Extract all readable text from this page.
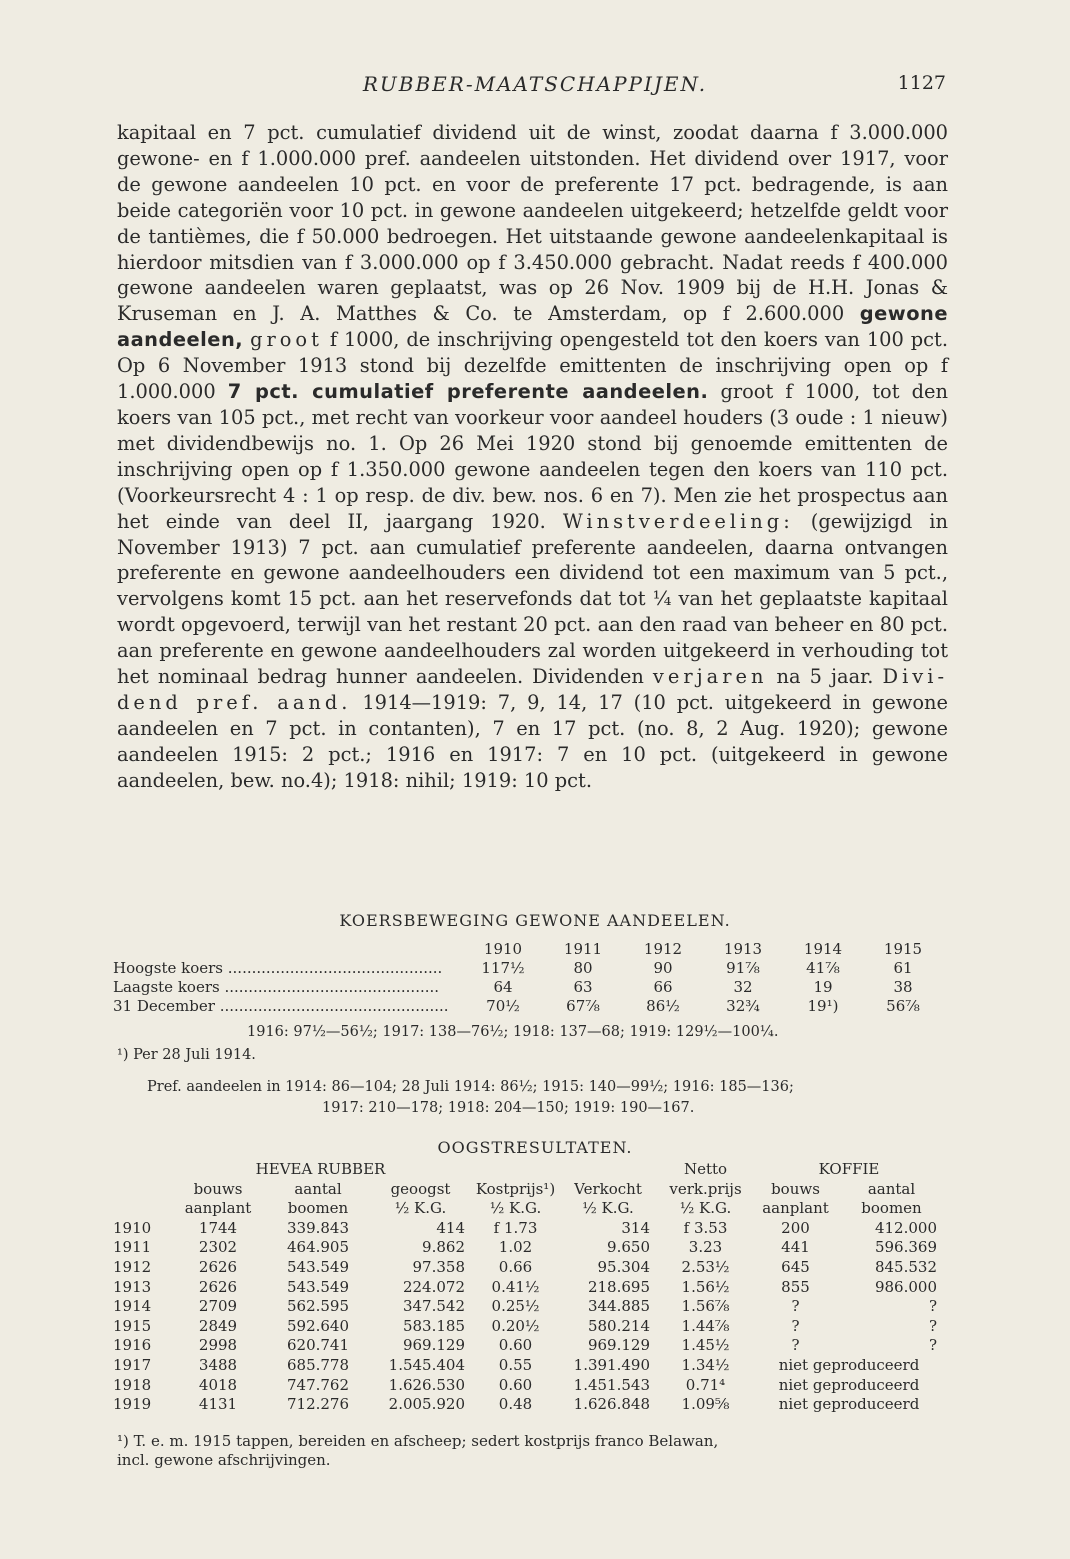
RUBBER-MAATSCHAPPIJEN.	1127

kapitaal en 7 pct. cumulatief dividend uit de winst, zoodat daarna f 3.000.000 gewone- en f 1.000.000 pref. aandeelen uitstonden. Het dividend over 1917, voor de gewone aandeelen 10 pct. en voor de preferente 17 pct. bedragende, is aan beide categoriën voor 10 pct. in gewone aandeelen uitgekeerd; hetzelfde geldt voor de tantièmes, die f 50.000 bedroegen. Het uitstaande gewone aandeelenkapitaal is hierdoor mitsdien van f 3.000.000 op f 3.450.000 gebracht. Nadat reeds f 400.000 gewone aandeelen waren geplaatst, was op 26 Nov. 1909 bij de H.H. Jonas & Kruseman en J. A. Matthes & Co. te Amsterdam, op f 2.600.000 gewone aandeelen, groot f 1000, de inschrijving opengesteld tot den koers van 100 pct. Op 6 November 1913 stond bij dezelfde emittenten de inschrijving open op f 1.000.000 7 pct. cumulatief preferente aandeelen. groot f 1000, tot den koers van 105 pct., met recht van voorkeur voor aandeel houders (3 oude : 1 nieuw) met dividendbewijs no. 1. Op 26 Mei 1920 stond bij genoemde emittenten de inschrijving open op f 1.350.000 gewone aandeelen tegen den koers van 110 pct. (Voorkeursrecht 4 : 1 op resp. de div. bew. nos. 6 en 7). Men zie het prospectus aan het einde van deel II, jaargang 1920. Winstverdeeling: (gewijzigd in November 1913) 7 pct. aan cumulatief preferente aandeelen, daarna ontvangen preferente en gewone aandeelhouders een dividend tot een maximum van 5 pct., vervolgens komt 15 pct. aan het reservefonds dat tot ¼ van het geplaatste kapitaal wordt opgevoerd, terwijl van het restant 20 pct. aan den raad van beheer en 80 pct. aan preferente en gewone aandeelhouders zal worden uitgekeerd in verhouding tot het nominaal bedrag hunner aandeelen. Dividenden verjaren na 5 jaar. Divi-dend pref. aand. 1914—1919: 7, 9, 14, 17 (10 pct. uitgekeerd in gewone aandeelen en 7 pct. in contanten), 7 en 17 pct. (no. 8, 2 Aug. 1920); gewone aandeelen 1915: 2 pct.; 1916 en 1917: 7 en 10 pct. (uitgekeerd in gewone aandeelen, bew. no.4); 1918: nihil; 1919: 10 pct.

KOERSBEWEGING GEWONE AANDEELEN.
	1910	1911	1912	1913	1914	1915
Hoogste koers .............................................	117½	80	90	91⅞	41⅞	61
Laagste koers .............................................	64	63	66	32	19	38
31 December ................................................	70½	67⅞	86½	32¾	19¹)	56⅞
1916: 97½—56½; 1917: 138—76½; 1918: 137—68; 1919: 129½—100¼.
¹) Per 28 Juli 1914.
Pref. aandeelen in 1914: 86—104; 28 Juli 1914: 86½; 1915: 140—99½; 1916: 185—136;
1917: 210—178; 1918: 204—150; 1919: 190—167.
OOGSTRESULTATEN.
	HEVEA RUBBER					Netto	KOFFIE	
	bouws	aantal	geoogst	Kostprijs¹)	Verkocht	verk.prijs	bouws	aantal
	aanplant	boomen	½ K.G.	½ K.G.	½ K.G.	½ K.G.	aanplant	boomen
1910	1744	339.843	414	f 1.73	314	f 3.53	200	412.000
1911	2302	464.905	9.862	1.02	9.650	3.23	441	596.369
1912	2626	543.549	97.358	0.66	95.304	2.53½	645	845.532
1913	2626	543.549	224.072	0.41½	218.695	1.56½	855	986.000
1914	2709	562.595	347.542	0.25½	344.885	1.56⅞	?	?
1915	2849	592.640	583.185	0.20½	580.214	1.44⅞	?	?
1916	2998	620.741	969.129	0.60	969.129	1.45½	?	?
1917	3488	685.778	1.545.404	0.55	1.391.490	1.34½	niet geproduceerd	
1918	4018	747.762	1.626.530	0.60	1.451.543	0.71⁴	niet geproduceerd	
1919	4131	712.276	2.005.920	0.48	1.626.848	1.09⅝	niet geproduceerd	

¹) T. e. m. 1915 tappen, bereiden en afscheep; sedert kostprijs franco Belawan,

incl. gewone afschrijvingen.
